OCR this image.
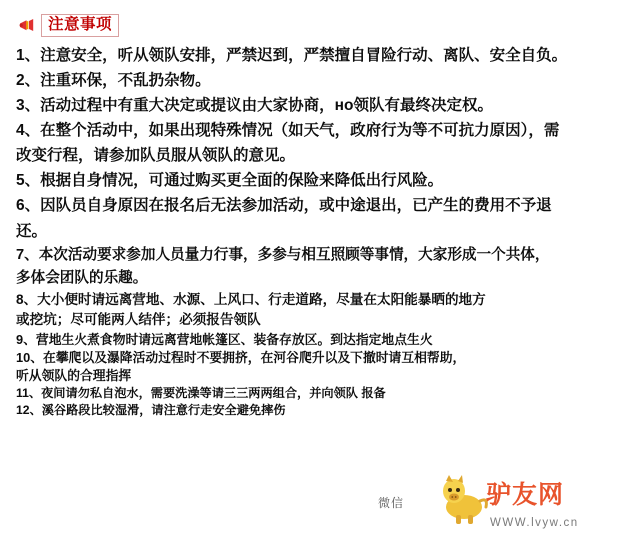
注意事项
1、注意安全，听从领队安排，严禁迟到，严禁擅自冒险行动、离队、安全自负。
2、注重环保，不乱扔杂物。
3、活动过程中有重大决定或提议由大家协商，но领队有最终决定权。
4、在整个活动中，如果出现特殊情况（如天气，政府行为等不可抗力原因），需
改变行程，请参加队员服从领队的意见。
5、根据自身情况，可通过购买更全面的保险来降低出行风险。
6、因队员自身原因在报名后无法参加活动，或中途退出，已产生的费用不予退
还。
7、本次活动要求参加人员量力行事，多参与相互照顾等事情，大家形成一个共体，
多体会团队的乐趣。
8、大小便时请远离营地、水源、上风口、行走道路，尽量在太阳能暴晒的地方
或挖坑；尽可能两人结伴；必须报告领队
9、营地生火煮食物时请远离营地帐篷区、装备存放区。到达指定地点生火
10、在攀爬以及瀑降活动过程时不要拥挤，在河谷爬升以及下撤时请互相帮助，
听从领队的合理指挥
11、夜间请勿私自泡水，需要洗澡等请三三两两组合，并向领队 报备
12、溪谷路段比较湿滑，请注意行走安全避免摔伤
微信	驴友网
WWW.lvyw.cn
